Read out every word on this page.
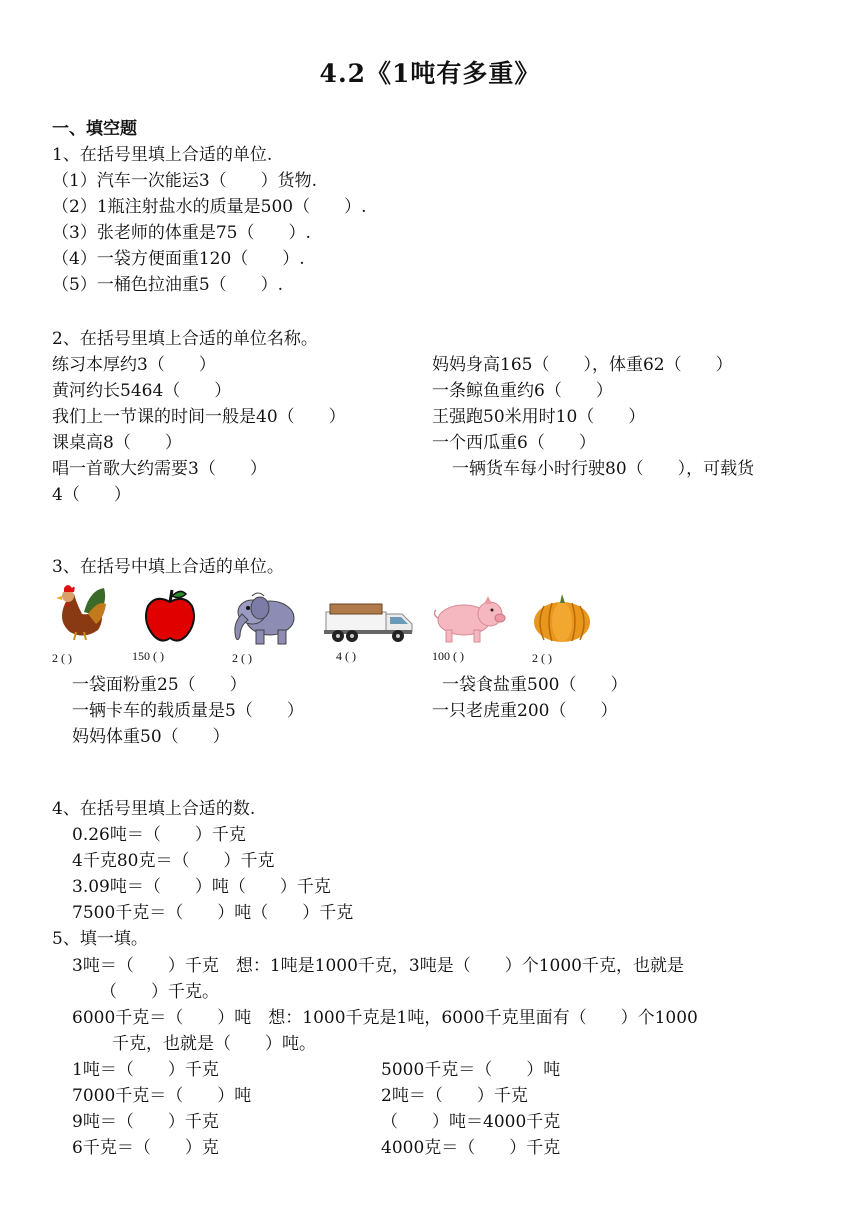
4.2《1吨有多重》
一、填空题
1、在括号里填上合适的单位.
（1）汽车一次能运3（　　）货物.
（2）1瓶注射盐水的质量是500（　　）.
（3）张老师的体重是75（　　）.
（4）一袋方便面重120（　　）.
（5）一桶色拉油重5（　　）.
2、在括号里填上合适的单位名称。
练习本厚约3（　　）
黄河约长5464（　　）
我们上一节课的时间一般是40（　　）
课桌高8（　　）
唱一首歌大约需要3（　　）
妈妈身高165（　　），体重62（　　）
一条鲸鱼重约6（　　）
王强跑50米用时10（　　）
一个西瓜重6（　　）
一辆货车每小时行驶80（　　），可载货
4（　　）
3、在括号中填上合适的单位。
2 ( )	150 ( )	2 ( )	4 ( )	100 ( )	2 ( )
一袋面粉重25（　　）
一辆卡车的载质量是5（　　）
妈妈体重50（　　）
一袋食盐重500（　　）
一只老虎重200（　　）
4、在括号里填上合适的数.
0.26吨＝（　　）千克
4千克80克＝（　　）千克
3.09吨＝（　　）吨（　　）千克
7500千克＝（　　）吨（　　）千克
5、填一填。
3吨＝（　　）千克　想：1吨是1000千克，3吨是（　　）个1000千克，也就是
（　　）千克。
6000千克＝（　　）吨　想：1000千克是1吨，6000千克里面有（　　）个1000
千克，也就是（　　）吨。
1吨＝（　　）千克
7000千克＝（　　）吨
9吨＝（　　）千克
6千克＝（　　）克
5000千克＝（　　）吨
2吨＝（　　）千克
（　　）吨＝4000千克
4000克＝（　　）千克
